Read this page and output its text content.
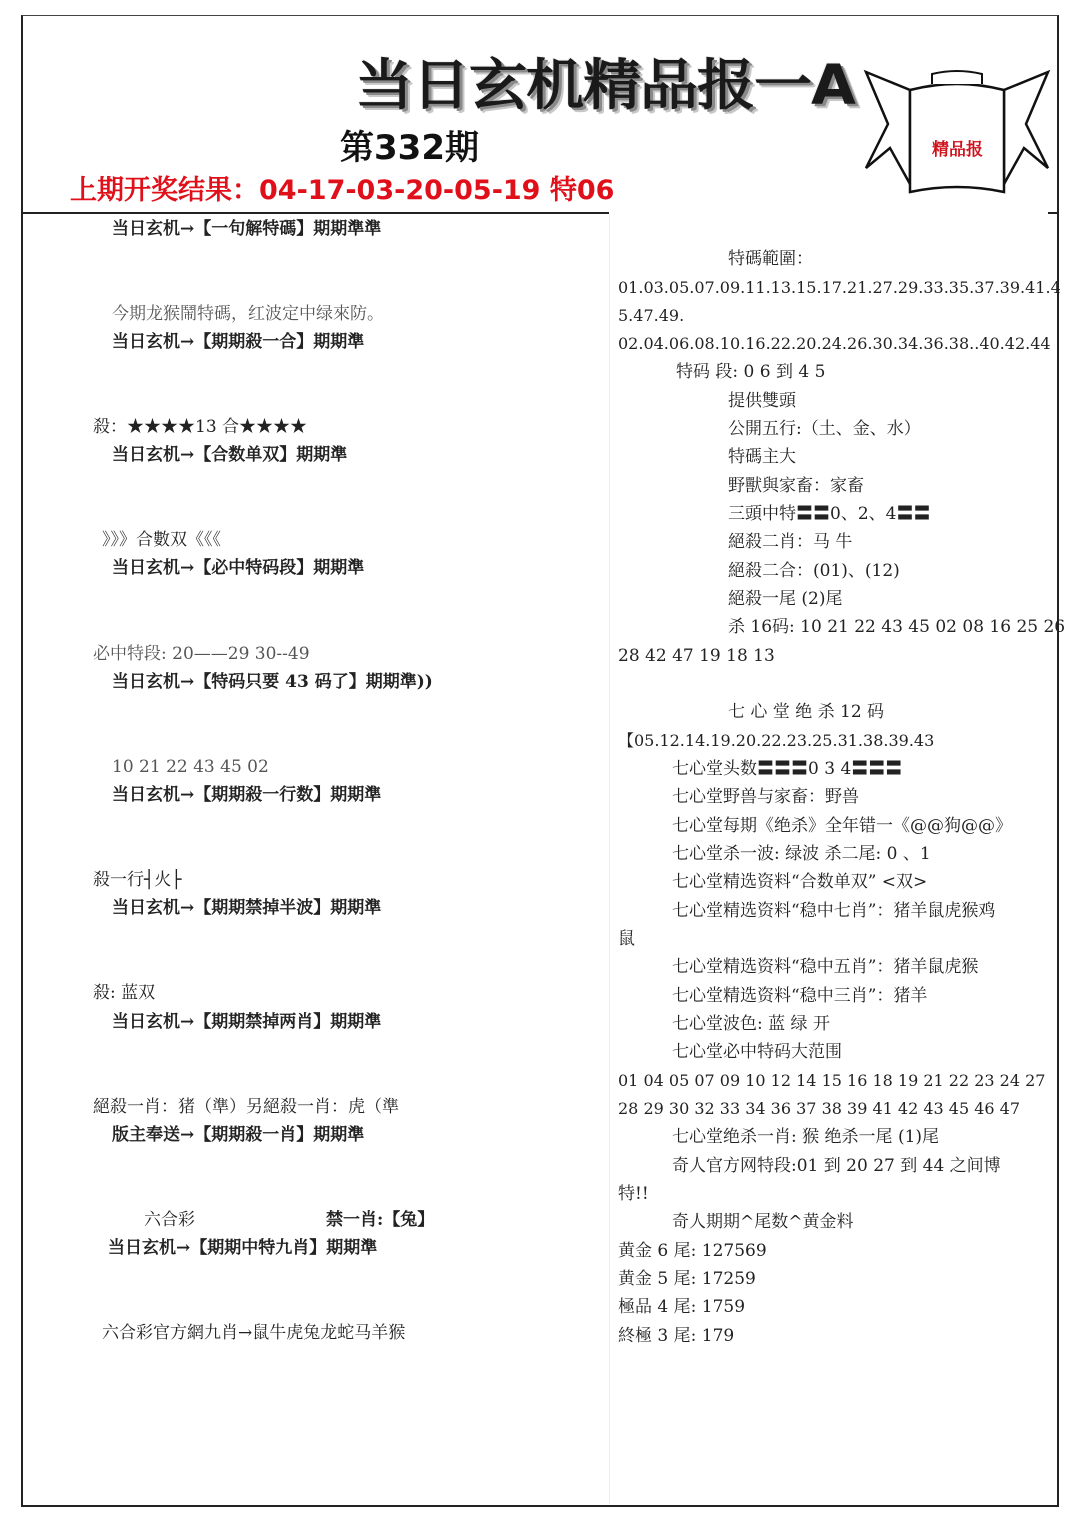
当日玄机精品报一A
第332期
上期开奖结果：04-17-03-20-05-19 特06
精品报
当日玄机→【一句解特碼】期期準準
今期龙猴鬧特碼，红波定中绿來防。
当日玄机→【期期殺一合】期期準
殺：★★★★13 合★★★★
当日玄机→【合数单双】期期準
》》》合數双《《《
当日玄机→【必中特码段】期期準
必中特段: 20——29 30--49
当日玄机→【特码只要 43 码了】期期準))
10 21 22 43 45 02
当日玄机→【期期殺一行数】期期準
殺一行┤火├
当日玄机→【期期禁掉半波】期期準
殺: 蓝双
当日玄机→【期期禁掉两肖】期期準
絕殺一肖：猪（準）另絕殺一肖：虎（準
版主奉送→【期期殺一肖】期期準
六合彩	禁一肖:【兔】
当日玄机→【期期中特九肖】期期準
六合彩官方網九肖→鼠牛虎兔龙蛇马羊猴
特碼範圍：
01.03.05.07.09.11.13.15.17.21.27.29.33.35.37.39.41.4
5.47.49.
02.04.06.08.10.16.22.20.24.26.30.34.36.38..40.42.44
特码 段: 0 6 到 4 5
提供雙頭
公開五行:（土、金、水）
特碼主大
野獸與家畜：家畜
三頭中特〓〓0、2、4〓〓
絕殺二肖：马 牛
絕殺二合：(01)、(12)
絕殺一尾 (2)尾
杀 16码: 10 21 22 43 45 02 08 16 25 26
28 42 47 19 18 13
七 心 堂 绝 杀 12 码
【05.12.14.19.20.22.23.25.31.38.39.43
七心堂头数〓〓〓0 3 4〓〓〓
七心堂野兽与家畜：野兽
七心堂每期《绝杀》全年错一《@@狗@@》
七心堂杀一波: 绿波 杀二尾: 0 、1
七心堂精选资料“合数单双” <双>
七心堂精选资料“稳中七肖”：猪羊鼠虎猴鸡
鼠
七心堂精选资料“稳中五肖”：猪羊鼠虎猴
七心堂精选资料“稳中三肖”：猪羊
七心堂波色: 蓝 绿 开
七心堂必中特码大范围
01 04 05 07 09 10 12 14 15 16 18 19 21 22 23 24 27
28 29 30 32 33 34 36 37 38 39 41 42 43 45 46 47
七心堂绝杀一肖: 猴 绝杀一尾 (1)尾
奇人官方网特段:01 到 20 27 到 44 之间博
特!!
奇人期期^尾数^黄金料
黄金 6 尾: 127569
黄金 5 尾: 17259
極品 4 尾: 1759
終極 3 尾: 179
